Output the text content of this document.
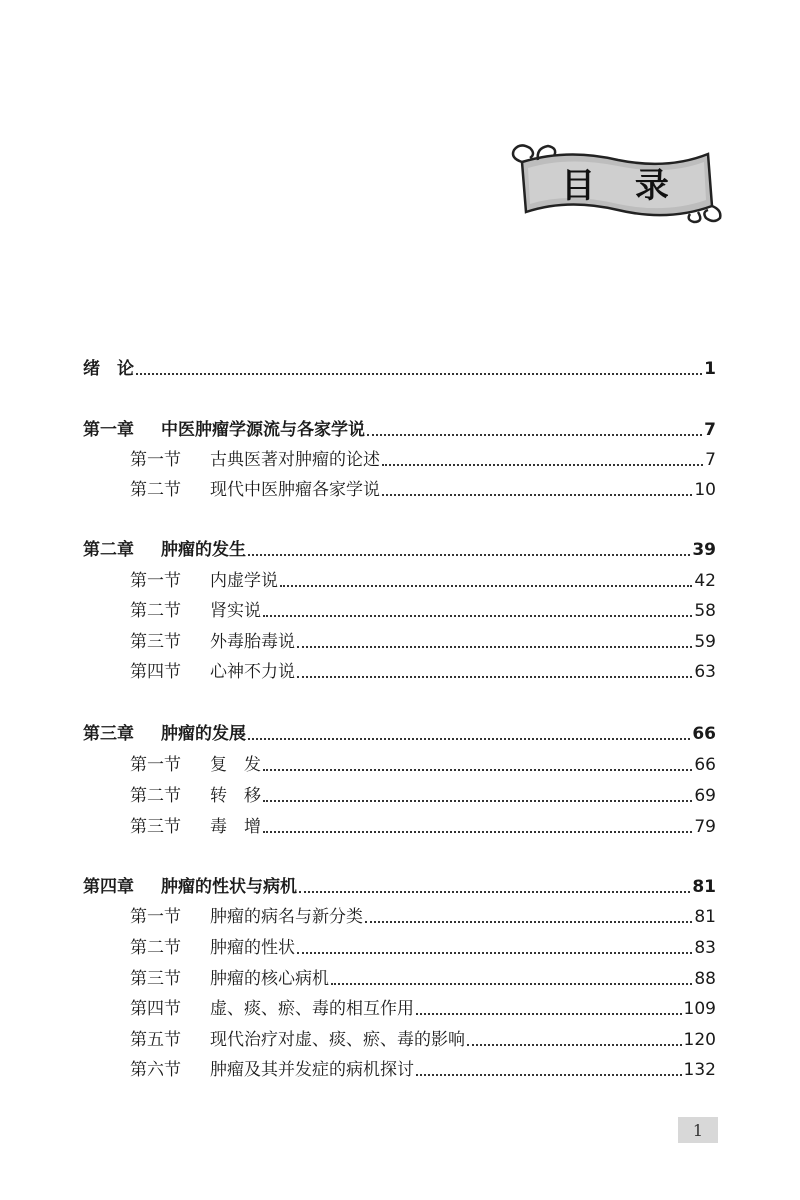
目 录
绪　论	1
第一章	中医肿瘤学源流与各家学说	7
第一节	古典医著对肿瘤的论述	7
第二节	现代中医肿瘤各家学说	10
第二章	肿瘤的发生	39
第一节	内虚学说	42
第二节	肾实说	58
第三节	外毒胎毒说	59
第四节	心神不力说	63
第三章	肿瘤的发展	66
第一节	复　发	66
第二节	转　移	69
第三节	毒　增	79
第四章	肿瘤的性状与病机	81
第一节	肿瘤的病名与新分类	81
第二节	肿瘤的性状	83
第三节	肿瘤的核心病机	88
第四节	虚、痰、瘀、毒的相互作用	109
第五节	现代治疗对虚、痰、瘀、毒的影响	120
第六节	肿瘤及其并发症的病机探讨	132
1
